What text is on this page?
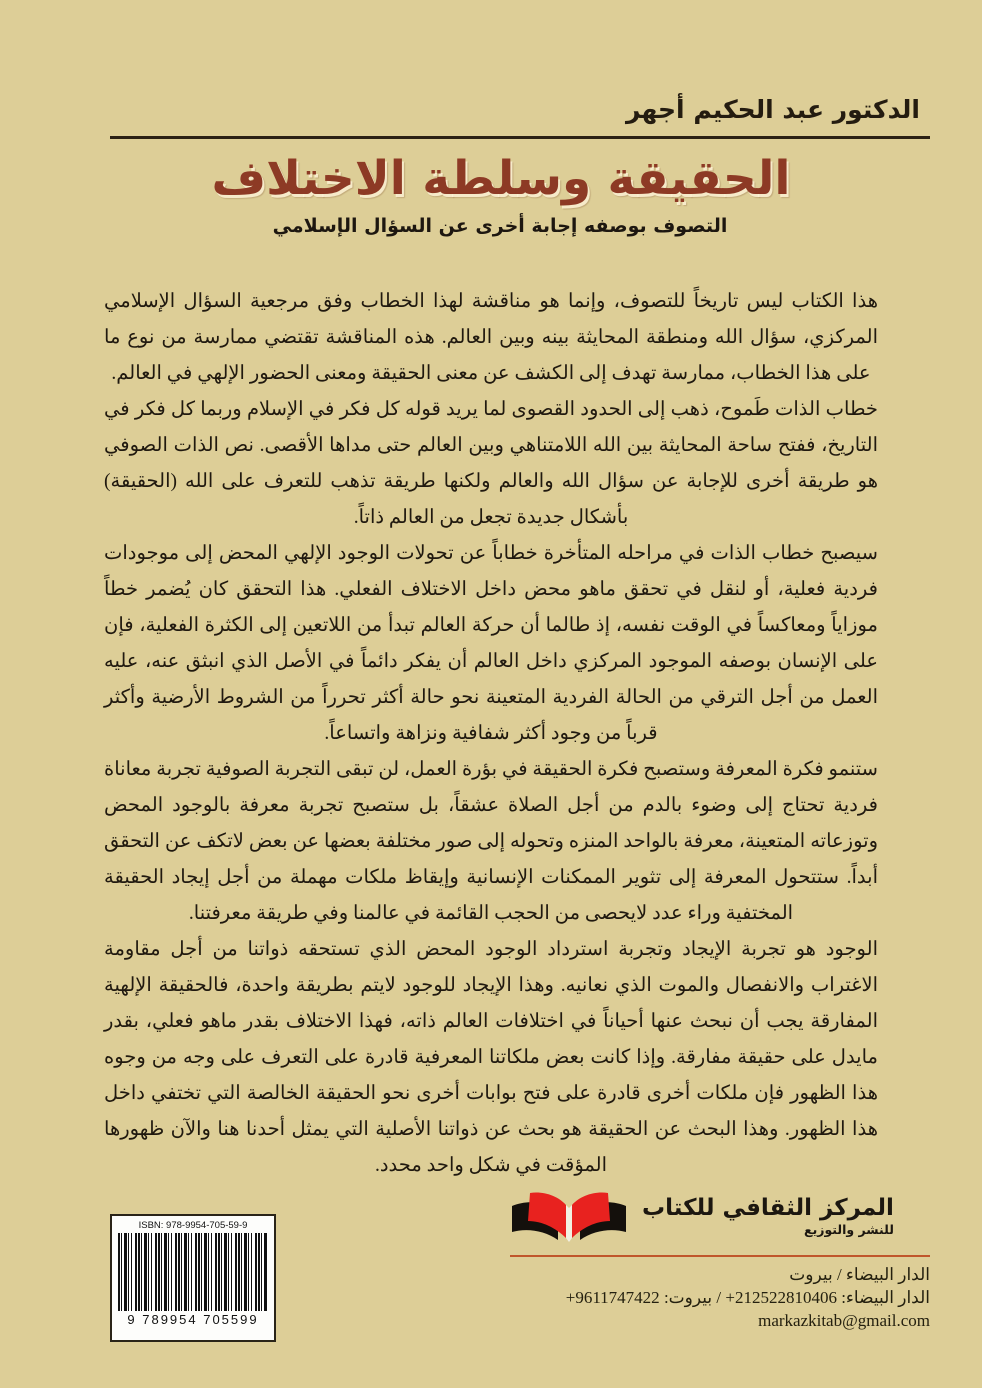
الدكتور عبد الحكيم أجهر
الحقيقة وسلطة الاختلاف
التصوف بوصفه إجابة أخرى عن السؤال الإسلامي

هذا الكتاب ليس تاريخاً للتصوف، وإنما هو مناقشة لهذا الخطاب وفق مرجعية السؤال الإسلامي المركزي، سؤال الله ومنطقة المحايثة بينه وبين العالم. هذه المناقشة تقتضي ممارسة من نوع ما على هذا الخطاب، ممارسة تهدف إلى الكشف عن معنى الحقيقة ومعنى الحضور الإلهي في العالم.

خطاب الذات طَموح، ذهب إلى الحدود القصوى لما يريد قوله كل فكر في الإسلام وربما كل فكر في التاريخ، ففتح ساحة المحايثة بين الله اللامتناهي وبين العالم حتى مداها الأقصى. نص الذات الصوفي هو طريقة أخرى للإجابة عن سؤال الله والعالم ولكنها طريقة تذهب للتعرف على الله (الحقيقة) بأشكال جديدة تجعل من العالم ذاتاً.

سيصبح خطاب الذات في مراحله المتأخرة خطاباً عن تحولات الوجود الإلهي المحض إلى موجودات فردية فعلية، أو لنقل في تحقق ماهو محض داخل الاختلاف الفعلي. هذا التحقق كان يُضمر خطاً موزاياً ومعاكساً في الوقت نفسه، إذ طالما أن حركة العالم تبدأ من اللاتعين إلى الكثرة الفعلية، فإن على الإنسان بوصفه الموجود المركزي داخل العالم أن يفكر دائماً في الأصل الذي انبثق عنه، عليه العمل من أجل الترقي من الحالة الفردية المتعينة نحو حالة أكثر تحرراً من الشروط الأرضية وأكثر قرباً من وجود أكثر شفافية ونزاهة واتساعاً.

ستنمو فكرة المعرفة وستصبح فكرة الحقيقة في بؤرة العمل، لن تبقى التجربة الصوفية تجربة معاناة فردية تحتاج إلى وضوء بالدم من أجل الصلاة عشقاً، بل ستصبح تجربة معرفة بالوجود المحض وتوزعاته المتعينة، معرفة بالواحد المنزه وتحوله إلى صور مختلفة بعضها عن بعض لاتكف عن التحقق أبداً. ستتحول المعرفة إلى تثوير الممكنات الإنسانية وإيقاظ ملكات مهملة من أجل إيجاد الحقيقة المختفية وراء عدد لايحصى من الحجب القائمة في عالمنا وفي طريقة معرفتنا.

الوجود هو تجربة الإيجاد وتجربة استرداد الوجود المحض الذي تستحقه ذواتنا من أجل مقاومة الاغتراب والانفصال والموت الذي نعانيه. وهذا الإيجاد للوجود لايتم بطريقة واحدة، فالحقيقة الإلهية المفارقة يجب أن نبحث عنها أحياناً في اختلافات العالم ذاته، فهذا الاختلاف بقدر ماهو فعلي، بقدر مايدل على حقيقة مفارقة. وإذا كانت بعض ملكاتنا المعرفية قادرة على التعرف على وجه من وجوه هذا الظهور فإن ملكات أخرى قادرة على فتح بوابات أخرى نحو الحقيقة الخالصة التي تختفي داخل هذا الظهور. وهذا البحث عن الحقيقة هو بحث عن ذواتنا الأصلية التي يمثل أحدنا هنا والآن ظهورها المؤقت في شكل واحد محدد.

ISBN: 978-9954-705-59-9
9 789954 705599
المركز الثقافي للكتاب
للنشر والتوزيع
الدار البيضاء / بيروت
الدار البيضاء: 212522810406+ / بيروت: 9611747422+
markazkitab@gmail.com
